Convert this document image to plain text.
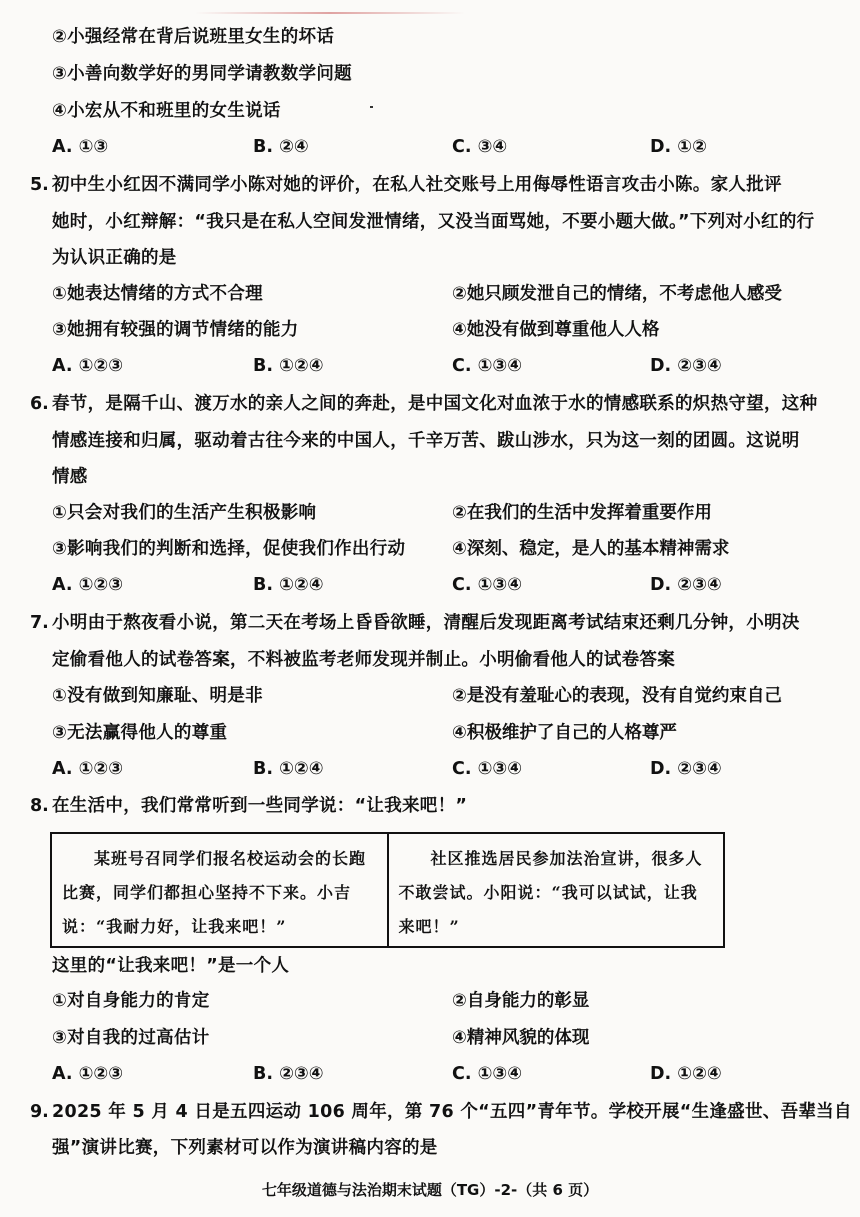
②小强经常在背后说班里女生的坏话
③小善向数学好的男同学请教数学问题
④小宏从不和班里的女生说话
A. ①③	B. ②④	C. ③④	D. ①②
5. 初中生小红因不满同学小陈对她的评价，在私人社交账号上用侮辱性语言攻击小陈。家人批评
她时，小红辩解：“我只是在私人空间发泄情绪，又没当面骂她，不要小题大做。”下列对小红的行
为认识正确的是
①她表达情绪的方式不合理	②她只顾发泄自己的情绪，不考虑他人感受
③她拥有较强的调节情绪的能力	④她没有做到尊重他人人格
A. ①②③	B. ①②④	C. ①③④	D. ②③④
6. 春节，是隔千山、渡万水的亲人之间的奔赴，是中国文化对血浓于水的情感联系的炽热守望，这种
情感连接和归属，驱动着古往今来的中国人，千辛万苦、跋山涉水，只为这一刻的团圆。这说明
情感
①只会对我们的生活产生积极影响	②在我们的生活中发挥着重要作用
③影响我们的判断和选择，促使我们作出行动	④深刻、稳定，是人的基本精神需求
A. ①②③	B. ①②④	C. ①③④	D. ②③④
7. 小明由于熬夜看小说，第二天在考场上昏昏欲睡，清醒后发现距离考试结束还剩几分钟，小明决
定偷看他人的试卷答案，不料被监考老师发现并制止。小明偷看他人的试卷答案
①没有做到知廉耻、明是非	②是没有羞耻心的表现，没有自觉约束自己
③无法赢得他人的尊重	④积极维护了自己的人格尊严
A. ①②③	B. ①②④	C. ①③④	D. ②③④
8. 在生活中，我们常常听到一些同学说：“让我来吧！”

某班号召同学们报名校运动会的长跑比赛，同学们都担心坚持不下来。小吉说：“我耐力好，让我来吧！”

社区推选居民参加法治宣讲，很多人不敢尝试。小阳说：“我可以试试，让我来吧！”

这里的“让我来吧！”是一个人
①对自身能力的肯定	②自身能力的彰显
③对自我的过高估计	④精神风貌的体现
A. ①②③	B. ②③④	C. ①③④	D. ①②④
9. 2025 年 5 月 4 日是五四运动 106 周年，第 76 个“五四”青年节。学校开展“生逢盛世、吾辈当自
强”演讲比赛，下列素材可以作为演讲稿内容的是
七年级道德与法治期末试题（TG）-2-（共 6 页）
